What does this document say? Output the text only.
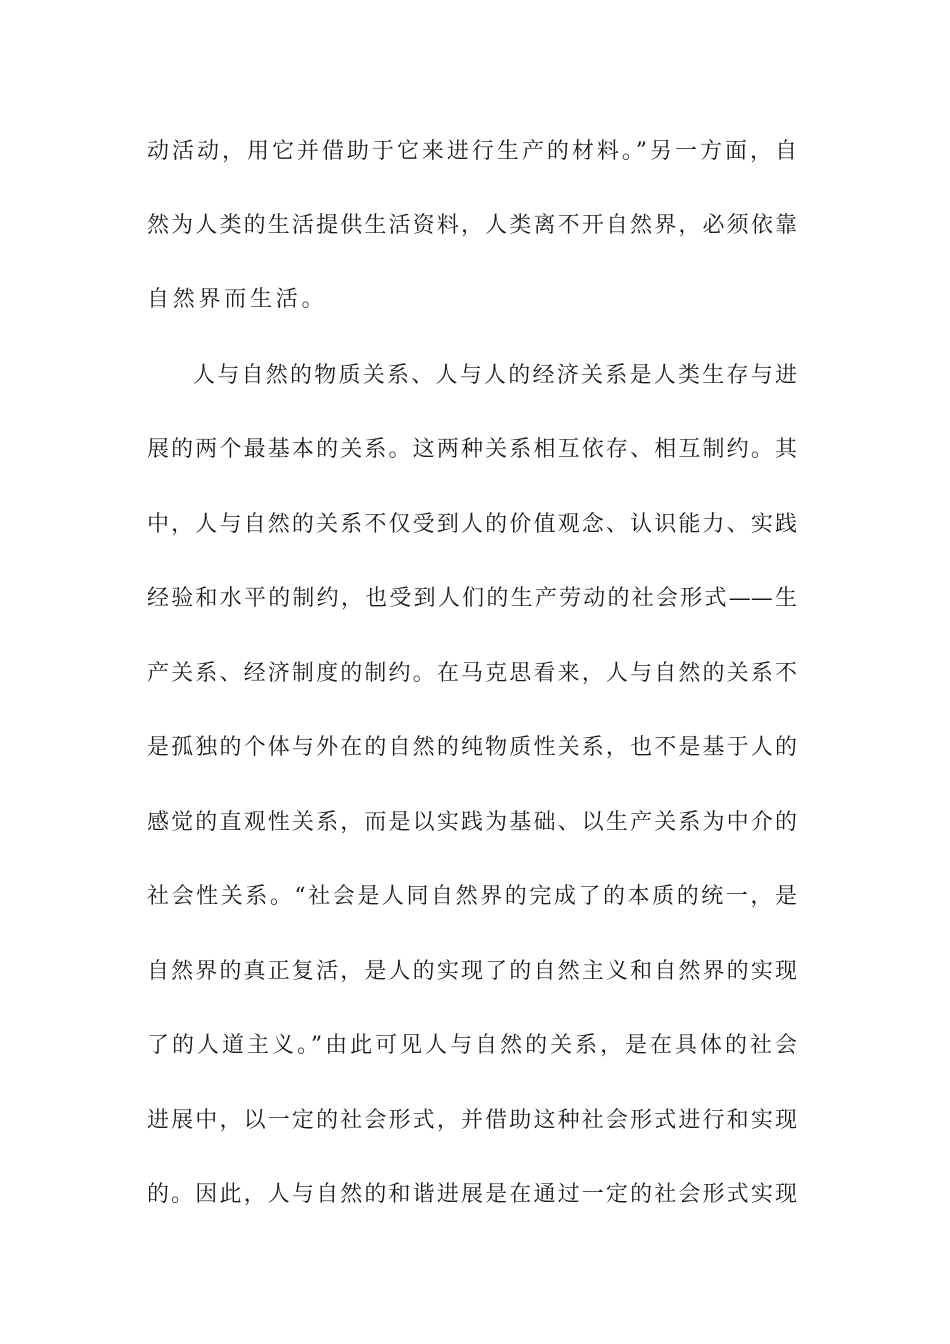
动活动，用它并借助于它来进行生产的材料。”另一方面，自
然为人类的生活提供生活资料，人类离不开自然界，必须依靠
自然界而生活。
人与自然的物质关系、人与人的经济关系是人类生存与进
展的两个最基本的关系。这两种关系相互依存、相互制约。其
中，人与自然的关系不仅受到人的价值观念、认识能力、实践
经验和水平的制约，也受到人们的生产劳动的社会形式——生
产关系、经济制度的制约。在马克思看来，人与自然的关系不
是孤独的个体与外在的自然的纯物质性关系，也不是基于人的
感觉的直观性关系，而是以实践为基础、以生产关系为中介的
社会性关系。“社会是人同自然界的完成了的本质的统一，是
自然界的真正复活，是人的实现了的自然主义和自然界的实现
了的人道主义。”由此可见人与自然的关系，是在具体的社会
进展中，以一定的社会形式，并借助这种社会形式进行和实现
的。因此，人与自然的和谐进展是在通过一定的社会形式实现
